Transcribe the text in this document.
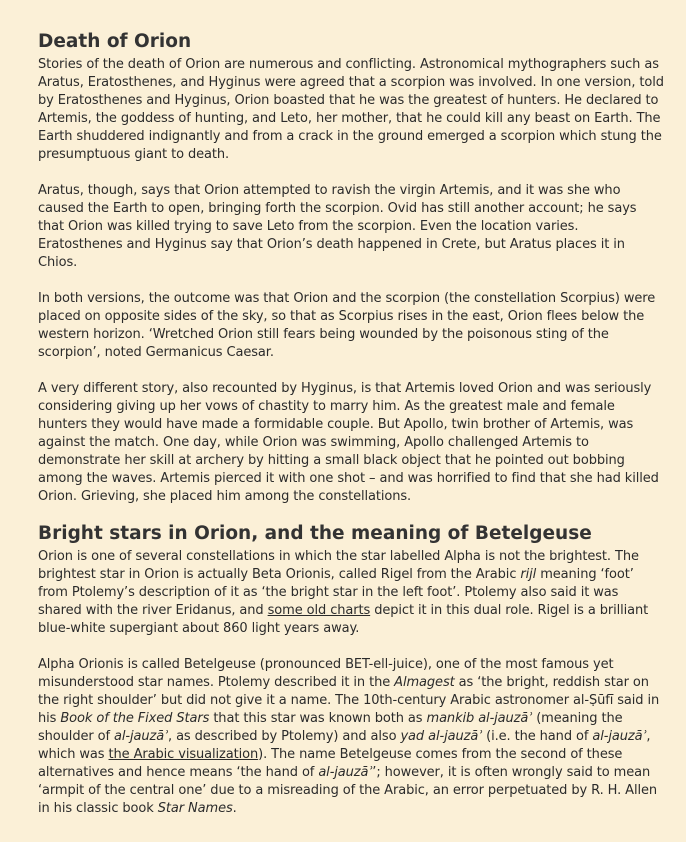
Death of Orion

Stories of the death of Orion are numerous and conflicting. Astronomical mythographers such as Aratus, Eratosthenes, and Hyginus were agreed that a scorpion was involved. In one version, told by Eratosthenes and Hyginus, Orion boasted that he was the greatest of hunters. He declared to Artemis, the goddess of hunting, and Leto, her mother, that he could kill any beast on Earth. The Earth shuddered indignantly and from a crack in the ground emerged a scorpion which stung the presumptuous giant to death.

Aratus, though, says that Orion attempted to ravish the virgin Artemis, and it was she who caused the Earth to open, bringing forth the scorpion. Ovid has still another account; he says that Orion was killed trying to save Leto from the scorpion. Even the location varies. Eratosthenes and Hyginus say that Orion’s death happened in Crete, but Aratus places it in Chios.

In both versions, the outcome was that Orion and the scorpion (the constellation Scorpius) were placed on opposite sides of the sky, so that as Scorpius rises in the east, Orion flees below the western horizon. ‘Wretched Orion still fears being wounded by the poisonous sting of the scorpion’, noted Germanicus Caesar.

A very different story, also recounted by Hyginus, is that Artemis loved Orion and was seriously considering giving up her vows of chastity to marry him. As the greatest male and female hunters they would have made a formidable couple. But Apollo, twin brother of Artemis, was against the match. One day, while Orion was swimming, Apollo challenged Artemis to demonstrate her skill at archery by hitting a small black object that he pointed out bobbing among the waves. Artemis pierced it with one shot – and was horrified to find that she had killed Orion. Grieving, she placed him among the constellations.

Bright stars in Orion, and the meaning of Betelgeuse

Orion is one of several constellations in which the star labelled Alpha is not the brightest. The brightest star in Orion is actually Beta Orionis, called Rigel from the Arabic rijl meaning ‘foot’ from Ptolemy’s description of it as ‘the bright star in the left foot’. Ptolemy also said it was shared with the river Eridanus, and some old charts depict it in this dual role. Rigel is a brilliant blue-white supergiant about 860 light years away.

Alpha Orionis is called Betelgeuse (pronounced BET-ell-juice), one of the most famous yet misunderstood star names. Ptolemy described it in the Almagest as ‘the bright, reddish star on the right shoulder’ but did not give it a name. The 10th-century Arabic astronomer al-Ṣūfī said in his Book of the Fixed Stars that this star was known both as mankib al-jauzāʾ (meaning the shoulder of al-jauzāʾ, as described by Ptolemy) and also yad al-jauzāʾ (i.e. the hand of al-jauzāʾ, which was the Arabic visualization). The name Betelgeuse comes from the second of these alternatives and hence means ‘the hand of al-jauzāʾ’; however, it is often wrongly said to mean ‘armpit of the central one’ due to a misreading of the Arabic, an error perpetuated by R. H. Allen in his classic book Star Names.
